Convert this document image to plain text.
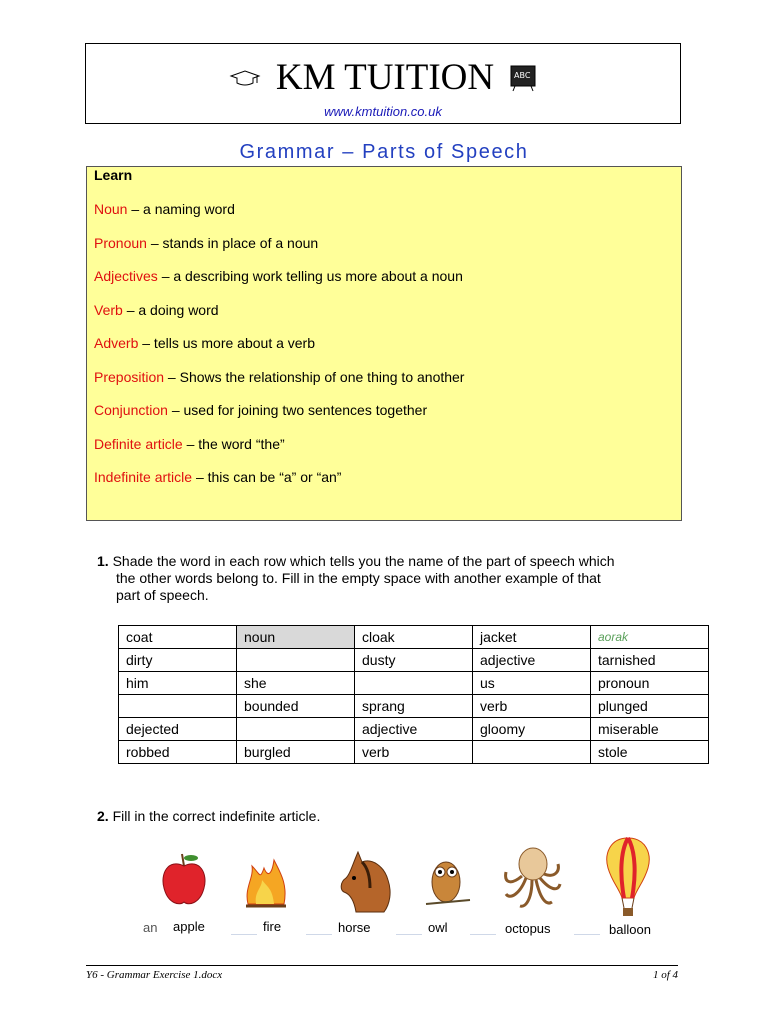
KM TUITION ABC
www.kmtuition.co.uk
Grammar – Parts of Speech
Learn
Noun – a naming word
Pronoun – stands in place of a noun
Adjectives – a describing work telling us more about a noun
Verb – a doing word
Adverb – tells us more about a verb
Preposition – Shows the relationship of one thing to another
Conjunction – used for joining two sentences together
Definite article – the word “the”
Indefinite article – this can be “a” or “an”
1. Shade the word in each row which tells you the name of the part of speech which
the other words belong to. Fill in the empty space with another example of that
part of speech.
coat	noun	cloak	jacket	aorak
dirty		dusty	adjective	tarnished
him	she		us	pronoun
	bounded	sprang	verb	plunged
dejected		adjective	gloomy	miserable
robbed	burgled	verb		stole
2. Fill in the correct indefinite article.
an apple	fire	horse	owl	octopus	balloon
Y6 - Grammar Exercise 1.docx	1 of 4
